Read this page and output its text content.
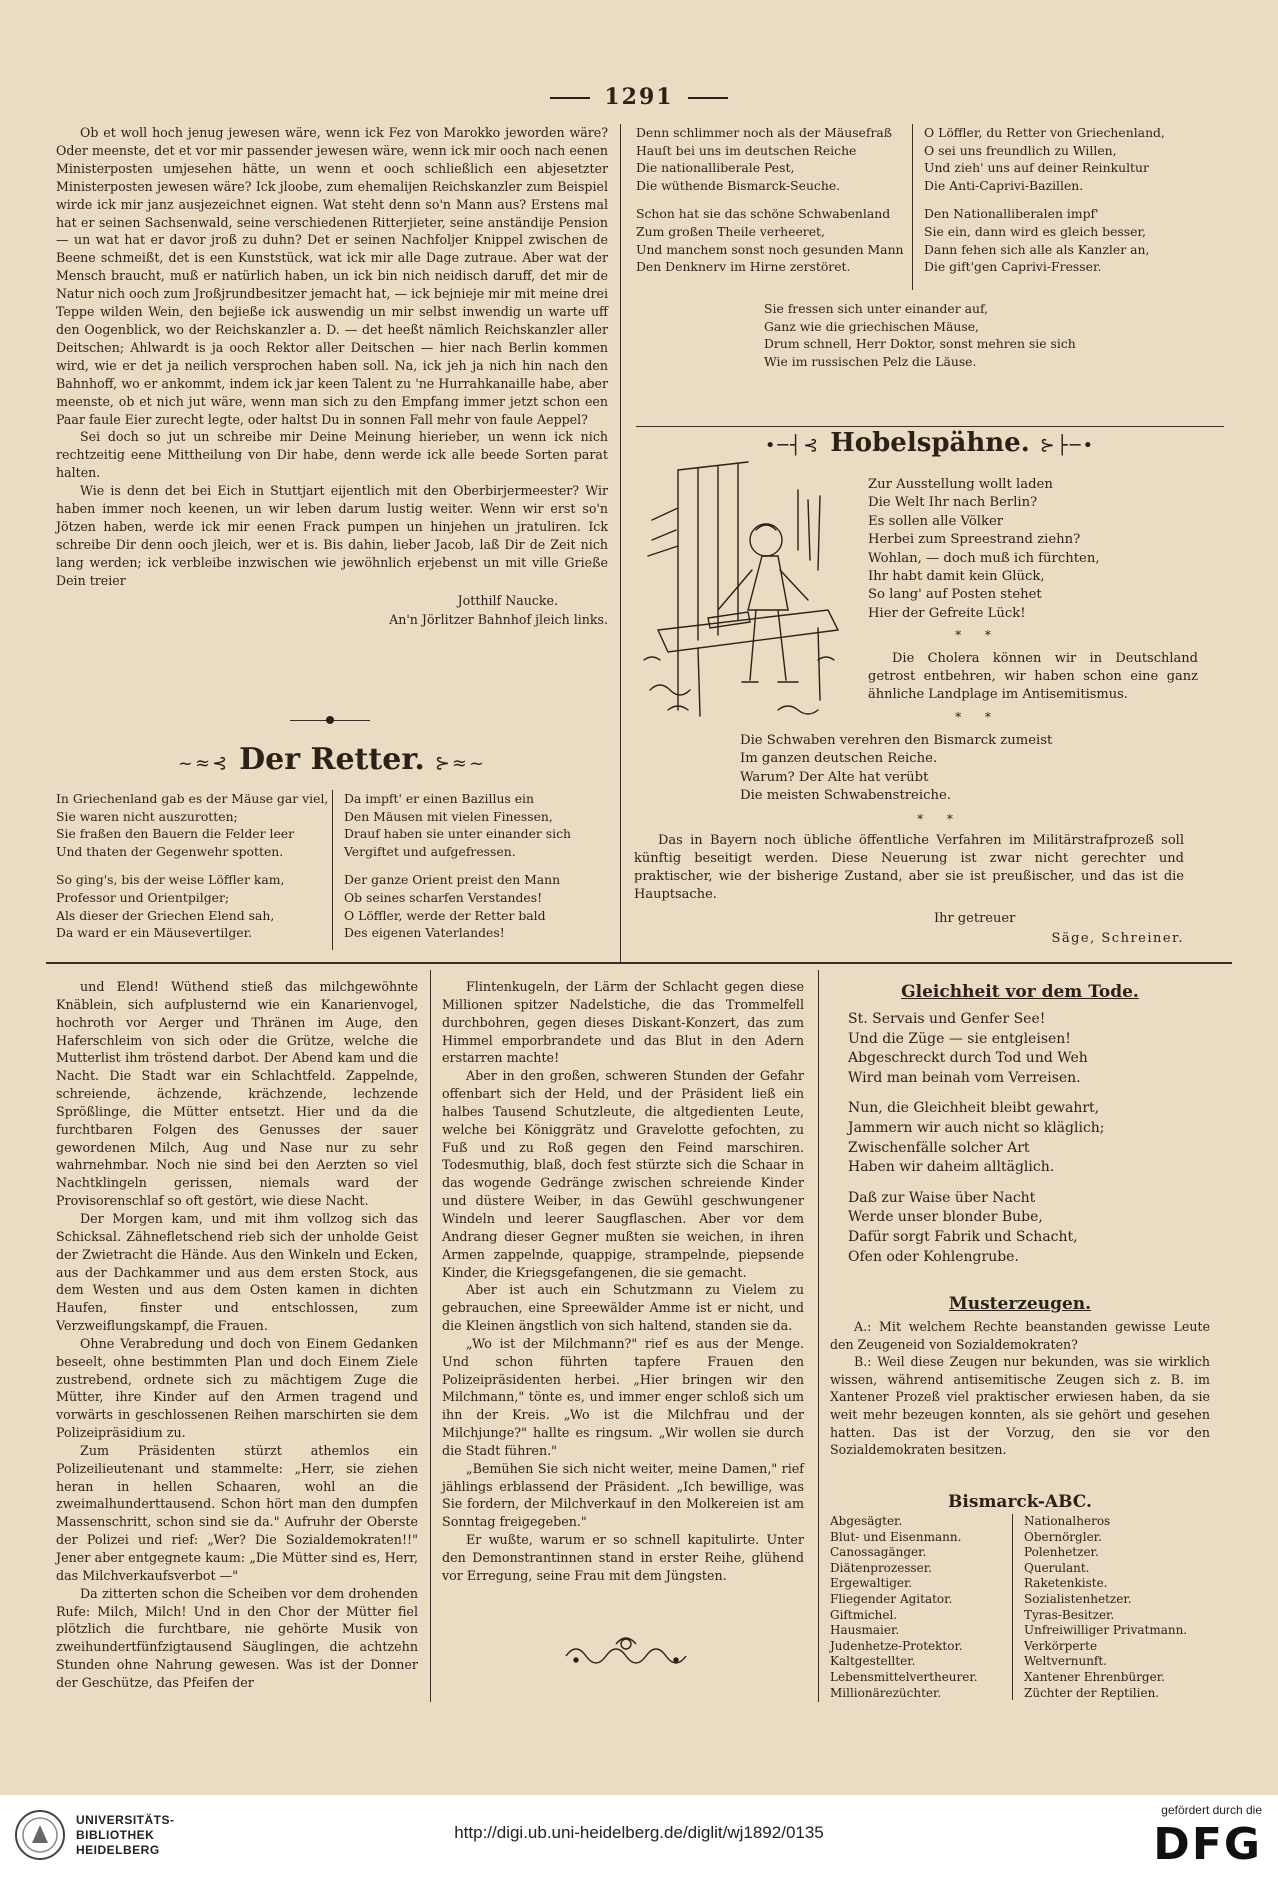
1291

Ob et woll hoch jenug jewesen wäre, wenn ick Fez von Marokko jeworden wäre? Oder meenste, det et vor mir passender jewesen wäre, wenn ick mir ooch nach eenen Ministerposten umjesehen hätte, un wenn et ooch schließlich een abjesetzter Ministerposten jewesen wäre? Ick jloobe, zum ehemalijen Reichskanzler zum Beispiel wirde ick mir janz ausjezeichnet eignen. Wat steht denn so'n Mann aus? Erstens mal hat er seinen Sachsenwald, seine verschiedenen Ritterjieter, seine anständije Pension — un wat hat er davor jroß zu duhn? Det er seinen Nachfolјer Knippel zwischen de Beene schmeißt, det is een Kunststück, wat ick mir alle Dage zutraue. Aber wat der Mensch braucht, muß er natürlich haben, un ick bin nich neidisch daruff, det mir de Natur nich ooch zum Jroßjrundbesitzer jemacht hat, — ick bejnieje mir mit meine drei Teppe wilden Wein, den bejieße ick auswendig un mir selbst inwendig un warte uff den Oogenblick, wo der Reichskanzler a. D. — det heeßt nämlich Reichskanzler aller Deitschen; Ahlwardt is ja ooch Rektor aller Deitschen — hier nach Berlin kommen wird, wie er det ja neilich versprochen haben soll. Na, ick jeh ja nich hin nach den Bahnhoff, wo er ankommt, indem ick jar keen Talent zu 'ne Hurrahkanaille habe, aber meenste, ob et nich jut wäre, wenn man sich zu den Empfang immer jetzt schon een Paar faule Eier zurecht legte, oder haltst Du in sonnen Fall mehr von faule Aeppel?

Sei doch so jut un schreibe mir Deine Meinung hierieber, un wenn ick nich rechtzeitig eene Mittheilung von Dir habe, denn werde ick alle beede Sorten parat halten.

Wie is denn det bei Eich in Stuttjart eijentlich mit den Oberbirjermeester? Wir haben immer noch keenen, un wir leben darum lustig weiter. Wenn wir erst so'n Jötzen haben, werde ick mir eenen Frack pumpen un hinjehen un jratuliren. Ick schreibe Dir denn ooch jleich, wer et is. Bis dahin, lieber Jacob, laß Dir de Zeit nich lang werden; ick verbleibe inzwischen wie jewöhnlich erjebenst un mit ville Grieße Dein treier

Jotthilf Naucke.
An'n Jörlitzer Bahnhof jleich links.
~≈⊰ Der Retter. ⊱≈~
In Griechenland gab es der Mäuse gar viel,
Sie waren nicht auszurotten;
Sie fraßen den Bauern die Felder leer
Und thaten der Gegenwehr spotten.
So ging's, bis der weise Löffler kam,
Professor und Orientpilger;
Als dieser der Griechen Elend sah,
Da ward er ein Mäusevertilger.
Da impft' er einen Bazillus ein
Den Mäusen mit vielen Finessen,
Drauf haben sie unter einander sich
Vergiftet und aufgefressen.
Der ganze Orient preist den Mann
Ob seines scharfen Verstandes!
O Löffler, werde der Retter bald
Des eigenen Vaterlandes!
Denn schlimmer noch als der Mäusefraß
Hauſt bei uns im deutschen Reiche
Die nationalliberale Pest,
Die wüthende Bismarck-Seuche.
Schon hat sie das schöne Schwabenland
Zum großen Theile verheeret,
Und manchem sonst noch gesunden Mann
Den Denknerv im Hirne zerstöret.
O Löffler, du Retter von Griechenland,
O sei uns freundlich zu Willen,
Und zieh' uns auf deiner Reinkultur
Die Anti-Caprivi-Bazillen.
Den Nationalliberalen impf'
Sie ein, dann wird es gleich besser,
Dann fehen sich alle als Kanzler an,
Die gift'gen Caprivi-Fresser.
Sie fressen sich unter einander auf,
Ganz wie die griechischen Mäuse,
Drum schnell, Herr Doktor, sonst mehren sie sich
Wie im russischen Pelz die Läuse.
•─┤⊰ Hobelspähne. ⊱├─•
Zur Ausstellung wollt laden
Die Welt Ihr nach Berlin?
Es sollen alle Völker
Herbei zum Spreestrand ziehn?
Wohlan, — doch muß ich fürchten,
Ihr habt damit kein Glück,
So lang' auf Posten stehet
Hier der Gefreite Lück!
* *

Die Cholera können wir in Deutschland getrost entbehren, wir haben schon eine ganz ähnliche Landplage im Antisemitismus.

* *
Die Schwaben verehren den Bismarck zumeist
Im ganzen deutschen Reiche.
Warum? Der Alte hat verübt
Die meisten Schwabenstreiche.
* *

Das in Bayern noch übliche öffentliche Verfahren im Militärstrafprozeß soll künftig beseitigt werden. Diese Neuerung ist zwar nicht gerechter und praktischer, wie der bisherige Zustand, aber sie ist preußischer, und das ist die Hauptsache.

Ihr getreuer
Säge, Schreiner.

und Elend! Wüthend stieß das milchgewöhnte Knäblein, sich aufplusternd wie ein Kanarienvogel, hochroth vor Aerger und Thränen im Auge, den Haferschleim von sich oder die Grütze, welche die Mutterlist ihm tröstend darbot. Der Abend kam und die Nacht. Die Stadt war ein Schlachtfeld. Zappelnde, schreiende, ächzende, krächzende, lechzende Sprößlinge, die Mütter entsetzt. Hier und da die furchtbaren Folgen des Genusses der sauer gewordenen Milch, Aug und Nase nur zu sehr wahrnehmbar. Noch nie sind bei den Aerzten so viel Nachtklingeln gerissen, niemals ward der Provisorenschlaf so oft gestört, wie diese Nacht.

Der Morgen kam, und mit ihm vollzog sich das Schicksal. Zähneﬂetschend rieb sich der unholde Geist der Zwietracht die Hände. Aus den Winkeln und Ecken, aus der Dachkammer und aus dem ersten Stock, aus dem Westen und aus dem Osten kamen in dichten Haufen, finster und entschlossen, zum Verzweiflungskampf, die Frauen.

Ohne Verabredung und doch von Einem Gedanken beseelt, ohne bestimmten Plan und doch Einem Ziele zustrebend, ordnete sich zu mächtigem Zuge die Mütter, ihre Kinder auf den Armen tragend und vorwärts in geschlossenen Reihen marschirten sie dem Polizeipräsidium zu.

Zum Präsidenten stürzt athemlos ein Polizeilieutenant und stammelte: „Herr, sie ziehen heran in hellen Schaaren, wohl an die zweimalhunderttausend. Schon hört man den dumpfen Massenschritt, schon sind sie da." Aufruhr der Oberste der Polizei und rief: „Wer? Die Sozialdemokraten!!" Jener aber entgegnete kaum: „Die Mütter sind es, Herr, das Milchverkaufsverbot —"

Da zitterten schon die Scheiben vor dem drohenden Rufe: Milch, Milch! Und in den Chor der Mütter fiel plötzlich die furchtbare, nie gehörte Musik von zweihundertfünfzigtausend Säuglingen, die achtzehn Stunden ohne Nahrung gewesen. Was ist der Donner der Geschütze, das Pfeifen der

Flintenkugeln, der Lärm der Schlacht gegen diese Millionen spitzer Nadelstiche, die das Trommelfell durchbohren, gegen dieses Diskant-Konzert, das zum Himmel emporbrandete und das Blut in den Adern erstarren machte!

Aber in den großen, schweren Stunden der Gefahr offenbart sich der Held, und der Präsident ließ ein halbes Tausend Schutzleute, die altgedienten Leute, welche bei Königgrätz und Gravelotte gefochten, zu Fuß und zu Roß gegen den Feind marschiren. Todesmuthig, blaß, doch fest stürzte sich die Schaar in das wogende Gedränge zwischen schreiende Kinder und düstere Weiber, in das Gewühl geschwungener Windeln und leerer Saugflaschen. Aber vor dem Andrang dieser Gegner mußten sie weichen, in ihren Armen zappelnde, quappige, strampelnde, piepsende Kinder, die Kriegsgefangenen, die sie gemacht.

Aber ist auch ein Schutzmann zu Vielem zu gebrauchen, eine Spreewälder Amme ist er nicht, und die Kleinen ängstlich von sich haltend, standen sie da.

„Wo ist der Milchmann?" rief es aus der Menge. Und schon führten tapfere Frauen den Polizeipräsidenten herbei. „Hier bringen wir den Milchmann," tönte es, und immer enger schloß sich um ihn der Kreis. „Wo ist die Milchfrau und der Milchjunge?" hallte es ringsum. „Wir wollen sie durch die Stadt führen."

„Bemühen Sie sich nicht weiter, meine Damen," rief jählings erblassend der Präsident. „Ich bewillige, was Sie fordern, der Milchverkauf in den Molkereien ist am Sonntag freigegeben."

Er wußte, warum er so schnell kapitulirte. Unter den Demonstrantinnen stand in erster Reihe, glühend vor Erregung, seine Frau mit dem Jüngsten.

Gleichheit vor dem Tode.
St. Servais und Genfer See!
Und die Züge — sie entgleisen!
Abgeschreckt durch Tod und Weh
Wird man beinah vom Verreisen.
Nun, die Gleichheit bleibt gewahrt,
Jammern wir auch nicht so kläglich;
Zwischenfälle solcher Art
Haben wir daheim alltäglich.
Daß zur Waise über Nacht
Werde unser blonder Bube,
Dafür sorgt Fabrik und Schacht,
Ofen oder Kohlengrube.
Musterzeugen.

A.: Mit welchem Rechte beanstanden gewisse Leute den Zeugeneid von Sozialdemokraten?

B.: Weil diese Zeugen nur bekunden, was sie wirklich wissen, während antisemitische Zeugen sich z. B. im Xantener Prozeß viel praktischer erwiesen haben, da sie weit mehr bezeugen konnten, als sie gehört und gesehen hatten. Das ist der Vorzug, den sie vor den Sozialdemokraten besitzen.

Bismarck-ABC.
Abgesägter.
Blut- und Eisenmann.
Canossagänger.
Diätenprozesser.
Ergewaltiger.
Fliegender Agitator.
Giftmichel.
Hausmaier.
Judenhetze-Protektor.
Kaltgestellter.
Lebensmittelvertheurer.
Millionärezüchter.
Nationalheros
Obernörgler.
Polenhetzer.
Querulant.
Raketenkiste.
Sozialistenhetzer.
Tyras-Besitzer.
Unfreiwilliger Privatmann.
Verkörperte
Weltvernunft.
Xantener Ehrenbürger.
Züchter der Reptilien.
UNIVERSITÄTS-
BIBLIOTHEK
HEIDELBERG
http://digi.ub.uni-heidelberg.de/diglit/wj1892/0135
gefördert durch die
DFG
